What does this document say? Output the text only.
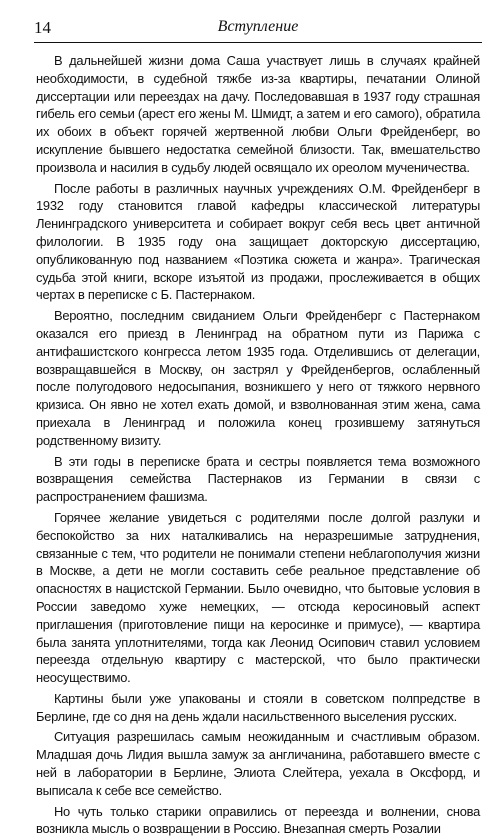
14	Вступление

В дальнейшей жизни дома Саша участвует лишь в случаях крайней необходимости, в судебной тяжбе из-за квартиры, печатании Олиной диссертации или переездах на дачу. Последовавшая в 1937 году страшная гибель его семьи (арест его жены М. Шмидт, а затем и его самого), обратила их обоих в объект горячей жертвенной любви Ольги Фрейденберг, во искупление бывшего недостатка семейной близости. Так, вмешательство произвола и насилия в судьбу людей освящало их ореолом мученичества.

После работы в различных научных учреждениях О.М. Фрейденберг в 1932 году становится главой кафедры классической литературы Ленинградского университета и собирает вокруг себя весь цвет античной филологии. В 1935 году она защищает докторскую диссертацию, опубликованную под названием «Поэтика сюжета и жанра». Трагическая судьба этой книги, вскоре изъятой из продажи, прослеживается в общих чертах в переписке с Б. Пастернаком.

Вероятно, последним свиданием Ольги Фрейденберг с Пастернаком оказался его приезд в Ленинград на обратном пути из Парижа с антифашистского конгресса летом 1935 года. Отделившись от делегации, возвращавшейся в Москву, он застрял у Фрейденбергов, ослабленный после полугодового недосыпания, возникшего у него от тяжкого нервного кризиса. Он явно не хотел ехать домой, и взволнованная этим жена, сама приехала в Ленинград и положила конец грозившему затянуться родственному визиту.

В эти годы в переписке брата и сестры появляется тема возможного возвращения семейства Пастернаков из Германии в связи с распространением фашизма.

Горячее желание увидеться с родителями после долгой разлуки и беспокойство за них наталкивались на неразрешимые затруднения, связанные с тем, что родители не понимали степени неблагополучия жизни в Москве, а дети не могли составить себе реальное представление об опасностях в нацистской Германии. Было очевидно, что бытовые условия в России заведомо хуже немецких, — отсюда керосиновый аспект приглашения (приготовление пищи на керосинке и примусе), — квартира была занята уплотнителями, тогда как Леонид Осипович ставил условием переезда отдельную квартиру с мастерской, что было практически неосуществимо.

Картины были уже упакованы и стояли в советском полпредстве в Берлине, где со дня на день ждали насильственного выселения русских.

Ситуация разрешилась самым неожиданным и счастливым образом. Младшая дочь Лидия вышла замуж за англичанина, работавшего вместе с ней в лаборатории в Берлине, Элиота Слейтера, уехала в Оксфорд, и выписала к себе все семейство.

Но чуть только старики оправились от переезда и волнении, снова возникла мысль о возвращении в Россию. Внезапная смерть Розалии
